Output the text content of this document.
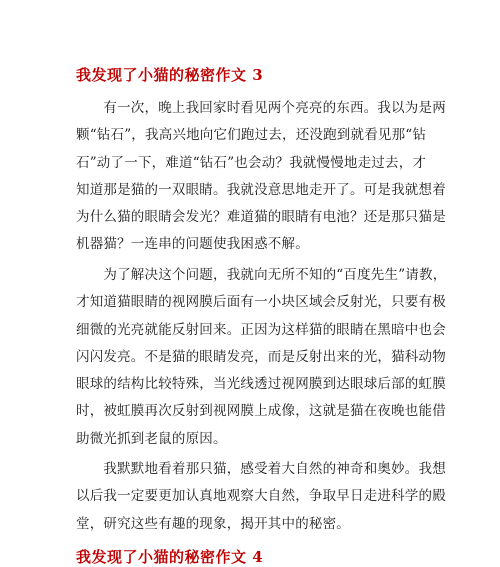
我发现了小猫的秘密作文 3

　　有一次，晚上我回家时看见两个亮亮的东西。我以为是两
颗“钻石”，我高兴地向它们跑过去，还没跑到就看见那“钻
石”动了一下，难道“钻石”也会动？我就慢慢地走过去，才
知道那是猫的一双眼睛。我就没意思地走开了。可是我就想着
为什么猫的眼睛会发光？难道猫的眼睛有电池？还是那只猫是
机器猫？一连串的问题使我困惑不解。

　　为了解决这个问题，我就向无所不知的“百度先生”请教，
才知道猫眼睛的视网膜后面有一小块区域会反射光，只要有极
细微的光亮就能反射回来。正因为这样猫的眼睛在黑暗中也会
闪闪发亮。不是猫的眼睛发亮，而是反射出来的光，猫科动物
眼球的结构比较特殊，当光线透过视网膜到达眼球后部的虹膜
时，被虹膜再次反射到视网膜上成像，这就是猫在夜晚也能借
助微光抓到老鼠的原因。

　　我默默地看着那只猫，感受着大自然的神奇和奥妙。我想
以后我一定要更加认真地观察大自然，争取早日走进科学的殿
堂，研究这些有趣的现象，揭开其中的秘密。

我发现了小猫的秘密作文 4
